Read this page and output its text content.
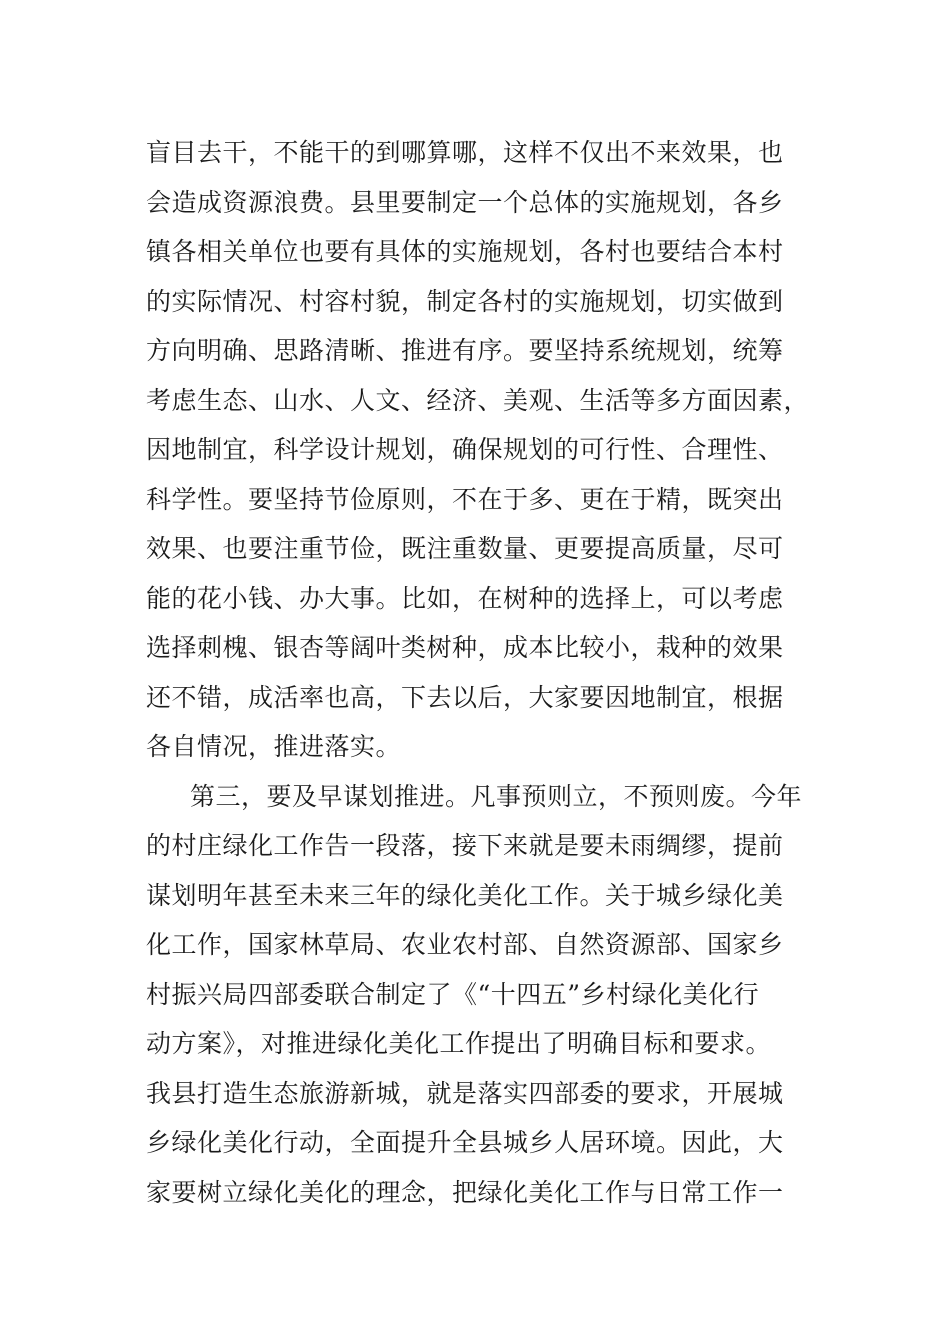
盲目去干，不能干的到哪算哪，这样不仅出不来效果，也
会造成资源浪费。县里要制定一个总体的实施规划，各乡
镇各相关单位也要有具体的实施规划，各村也要结合本村
的实际情况、村容村貌，制定各村的实施规划，切实做到
方向明确、思路清晰、推进有序。要坚持系统规划，统筹
考虑生态、山水、人文、经济、美观、生活等多方面因素，
因地制宜，科学设计规划，确保规划的可行性、合理性、
科学性。要坚持节俭原则，不在于多、更在于精，既突出
效果、也要注重节俭，既注重数量、更要提高质量，尽可
能的花小钱、办大事。比如，在树种的选择上，可以考虑
选择刺槐、银杏等阔叶类树种，成本比较小，栽种的效果
还不错，成活率也高，下去以后，大家要因地制宜，根据
各自情况，推进落实。
第三，要及早谋划推进。凡事预则立，不预则废。今年
的村庄绿化工作告一段落，接下来就是要未雨绸缪，提前
谋划明年甚至未来三年的绿化美化工作。关于城乡绿化美
化工作，国家林草局、农业农村部、自然资源部、国家乡
村振兴局四部委联合制定了《“十四五”乡村绿化美化行
动方案》，对推进绿化美化工作提出了明确目标和要求。
我县打造生态旅游新城，就是落实四部委的要求，开展城
乡绿化美化行动，全面提升全县城乡人居环境。因此，大
家要树立绿化美化的理念，把绿化美化工作与日常工作一
